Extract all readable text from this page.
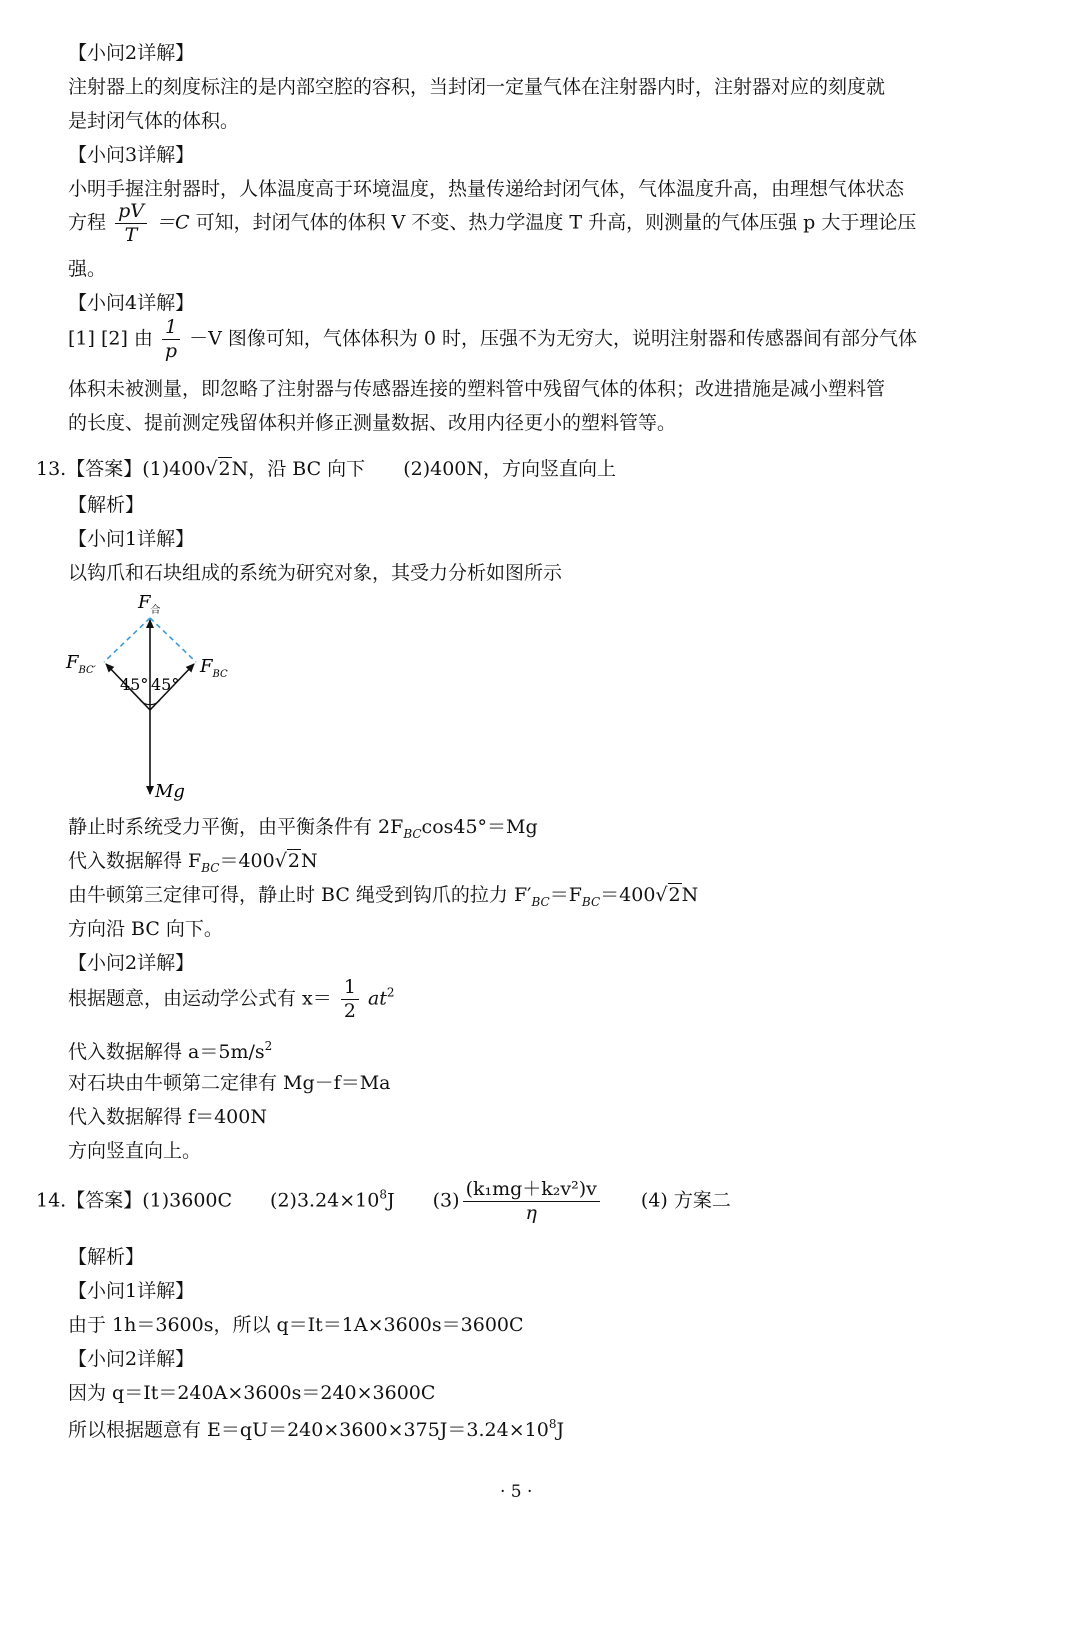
【小问2详解】
注射器上的刻度标注的是内部空腔的容积，当封闭一定量气体在注射器内时，注射器对应的刻度就
是封闭气体的体积。
【小问3详解】
小明手握注射器时，人体温度高于环境温度，热量传递给封闭气体，气体温度升高，由理想气体状态
方程 $\frac{pV}{T} =C$ 可知，封闭气体的体积 V 不变、热力学温度 T 升高，则测量的气体压强 p 大于理论压
强。
【小问4详解】
[1] [2] 由 $\frac{1}{p} -V$ 图像可知，气体体积为 0 时，压强不为无穷大，说明注射器和传感器间有部分气体
体积未被测量，即忽略了注射器与传感器连接的塑料管中残留气体的体积；改进措施是减小塑料管
的长度、提前测定残留体积并修正测量数据、改用内径更小的塑料管等。
13.【答案】(1)400√2N，沿 BC 向下 (2)400N，方向竖直向上
【解析】
【小问1详解】
以钩爪和石块组成的系统为研究对象，其受力分析如图所示
$F_合$
$F_{BC'}$	$F_{BC}$
45° 45°
Mg
静止时系统受力平衡，由平衡条件有 $2F_{BC}\cos 45^\circ=Mg$
代入数据解得 $F_{BC}=400√2N$
由牛顿第三定律可得，静止时 BC 绳受到钩爪的拉力 $F'_{BC}=F_{BC}=400√2N$
方向沿 BC 向下。
【小问2详解】
根据题意，由运动学公式有 $x= \frac{1}{2} at^2$
代入数据解得 $a=5m/s^2$
对石块由牛顿第二定律有 Mg－f＝Ma
代入数据解得 f＝400N
方向竖直向上。
14.【答案】(1)3600C $(2)3.24\times 10^8J$ $(3) \frac{\text{(k₁mg＋k₂v²)v}}{\eta} (4)$ 方案二
【解析】
【小问1详解】
由于 1h＝3600s，所以 q＝It＝1A×3600s＝3600C
【小问2详解】
因为 q＝It＝240A×3600s＝240×3600C
所以根据题意有 $E=qU=240\times 3600\times 375J=3.24\times 10^8J$
· 5 ·
